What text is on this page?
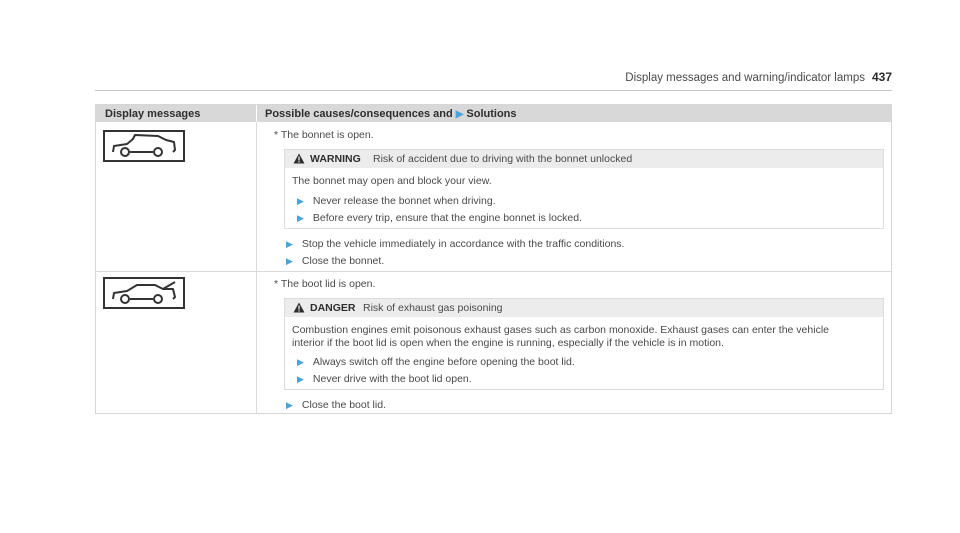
Display messages and warning/indicator lamps 437
Display messages	Possible causes/consequences and ▶ Solutions
* The bonnet is open.
WARNING Risk of accident due to driving with the bonnet unlocked
The bonnet may open and block your view.
▶ Never release the bonnet when driving.
▶ Before every trip, ensure that the engine bonnet is locked.
▶ Stop the vehicle immediately in accordance with the traffic conditions.
▶ Close the bonnet.
* The boot lid is open.
DANGER Risk of exhaust gas poisoning
Combustion engines emit poisonous exhaust gases such as carbon monoxide. Exhaust gases can enter the vehicle
interior if the boot lid is open when the engine is running, especially if the vehicle is in motion.
▶ Always switch off the engine before opening the boot lid.
▶ Never drive with the boot lid open.
▶ Close the boot lid.
